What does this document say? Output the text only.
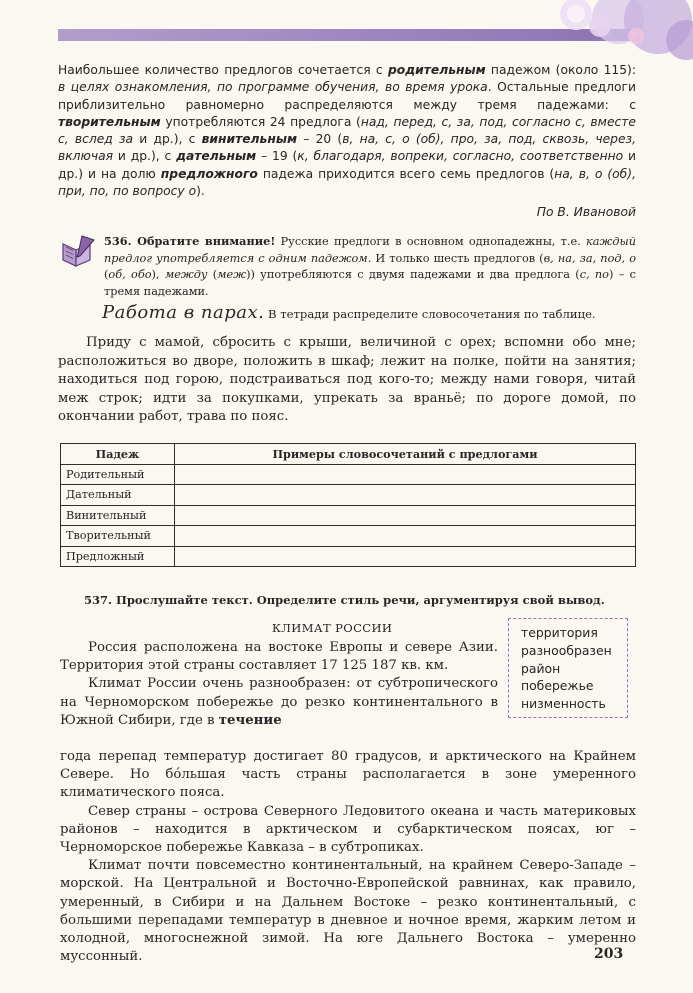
Наибольшее количество предлогов сочетается с родительным падежом (около 115): в целях ознакомления, по программе обучения, во время урока. Остальные предлоги приблизительно равномерно распределяются между тремя падежами: с творительным употребляются 24 предлога (над, перед, с, за, под, согласно с, вместе с, вслед за и др.), с винительным – 20 (в, на, с, о (об), про, за, под, сквозь, через, включая и др.), с дательным – 19 (к, благодаря, вопреки, согласно, соответственно и др.) и на долю предложного падежа приходится всего семь предлогов (на, в, о (об), при, по, по вопросу о).

По В. Ивановой

536. Обратите внимание! Русские предлоги в основном однопадежны, т.е. каждый предлог употребляется с одним падежом. И только шесть предлогов (в, на, за, под, о (об, обо), между (меж)) употребляются с двумя падежами и два предлога (с, по) – с тремя падежами.

Работа в парах. В тетради распределите словосочетания по таблице.

Приду с мамой, сбросить с крыши, величиной с орех; вспомни обо мне; расположиться во дворе, положить в шкаф; лежит на полке, пойти на занятия; находиться под горою, подстраиваться под кого-то; между нами говоря, читай меж строк; идти за покупками, упрекать за враньё; по дороге домой, по окончании работ, трава по пояс.

Падеж	Примеры словосочетаний с предлогами
Родительный	
Дательный	
Винительный	
Творительный	
Предложный	
537. Прослушайте текст. Определите стиль речи, аргументируя свой вывод.
КЛИМАТ РОССИИ	территория
разнообразен
район
побережье
низменность

Россия расположена на востоке Европы и севере Азии. Территория этой страны составляет 17 125 187 кв. км.

Климат России очень разнообразен: от субтропического на Черноморском побережье до резко континентального в Южной Сибири, где в течение

года перепад температур достигает 80 градусов, и арктического на Крайнем Севере. Но бóльшая часть страны располагается в зоне умеренного климатического пояса.

Север страны – острова Северного Ледовитого океана и часть материковых районов – находится в арктическом и субарктическом поясах, юг – Черноморское побережье Кавказа – в субтропиках.

Климат почти повсеместно континентальный, на крайнем Северо-Западе – морской. На Центральной и Восточно-Европейской равнинах, как правило, умеренный, в Сибири и на Дальнем Востоке – резко континентальный, с большими перепадами температур в дневное и ночное время, жарким летом и холодной, многоснежной зимой. На юге Дальнего Востока – умеренно муссонный.	203
